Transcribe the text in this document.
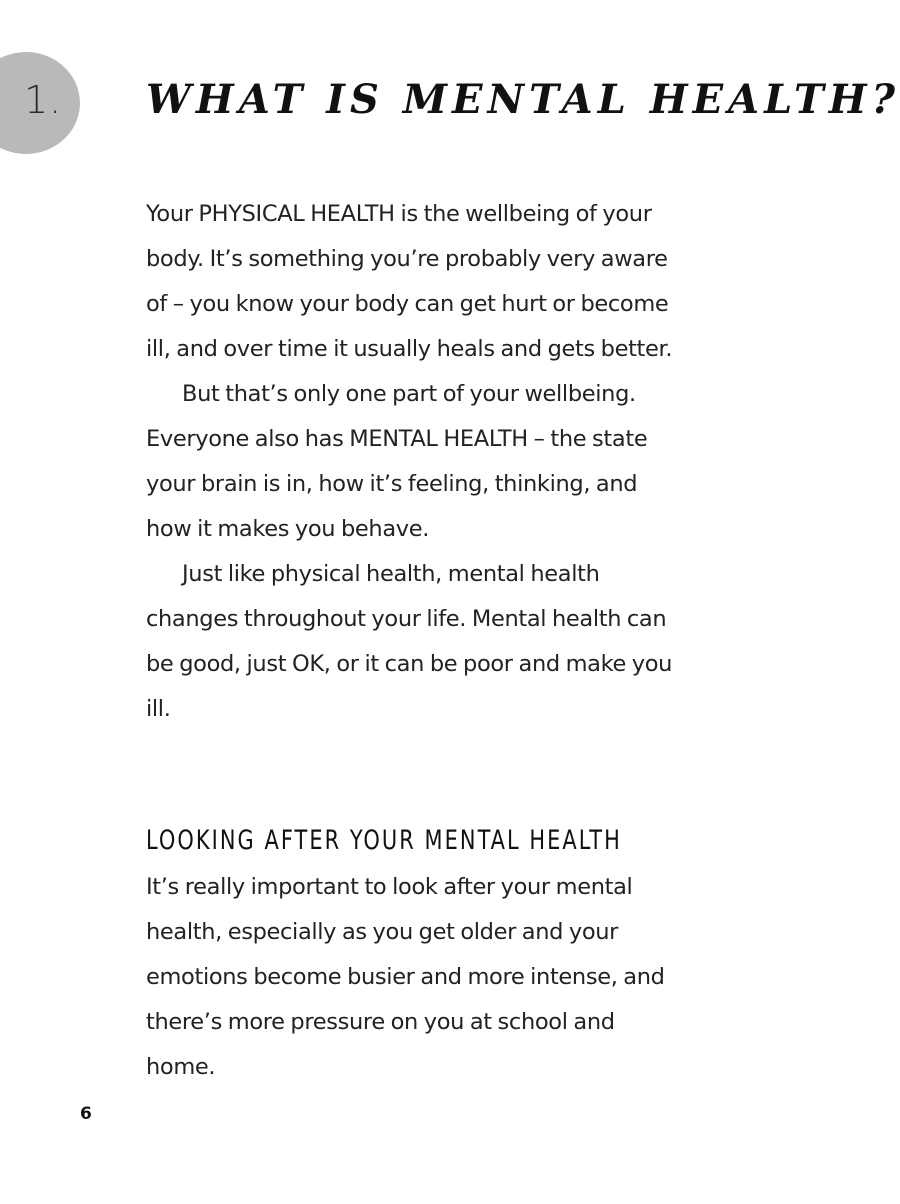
1. WHAT IS MENTAL HEALTH?

Your PHYSICAL HEALTH is the wellbeing of your body. It’s something you’re probably very aware of – you know your body can get hurt or become ill, and over time it usually heals and gets better.

But that’s only one part of your wellbeing. Everyone also has MENTAL HEALTH – the state your brain is in, how it’s feeling, thinking, and how it makes you behave.

Just like physical health, mental health changes throughout your life. Mental health can be good, just OK, or it can be poor and make you ill.

LOOKING AFTER YOUR MENTAL HEALTH

It’s really important to look after your mental health, especially as you get older and your emotions become busier and more intense, and there’s more pressure on you at school and home.

6
